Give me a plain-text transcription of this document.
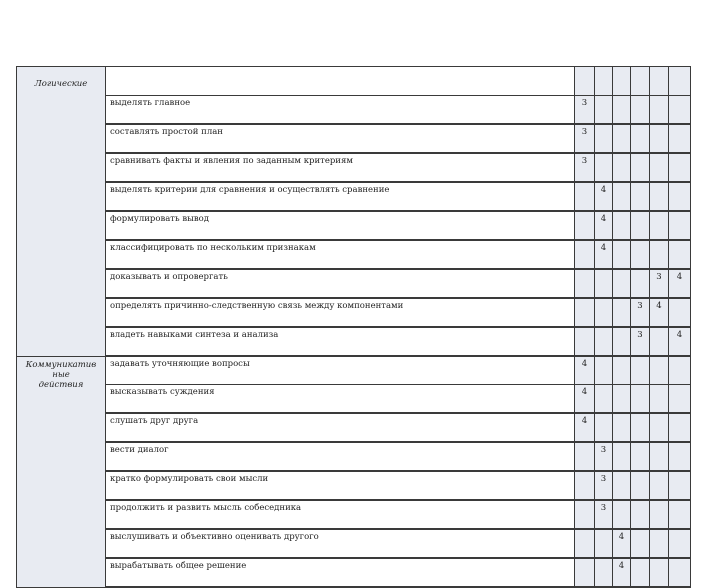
Логические							
	выделять главное	3					
	составлять простой план	3					
	сравнивать факты и явления по заданным критериям	3					
	выделять критерии для сравнения и осуществлять сравнение		4				
	формулировать вывод		4				
	классифицировать по нескольким признакам		4				
	доказывать и опровергать					3	4
	определять причинно-следственную связь между компонентами				3	4	
	владеть навыками синтеза и анализа				3		4
Коммуникатив
ные
действия	задавать уточняющие вопросы	4					
	высказывать суждения	4					
	слушать друг друга	4					
	вести диалог		3				
	кратко формулировать свои мысли		3				
	продолжить и развить мысль собеседника		3				
	выслушивать и объективно оценивать другого			4			
	вырабатывать общее решение			4			
